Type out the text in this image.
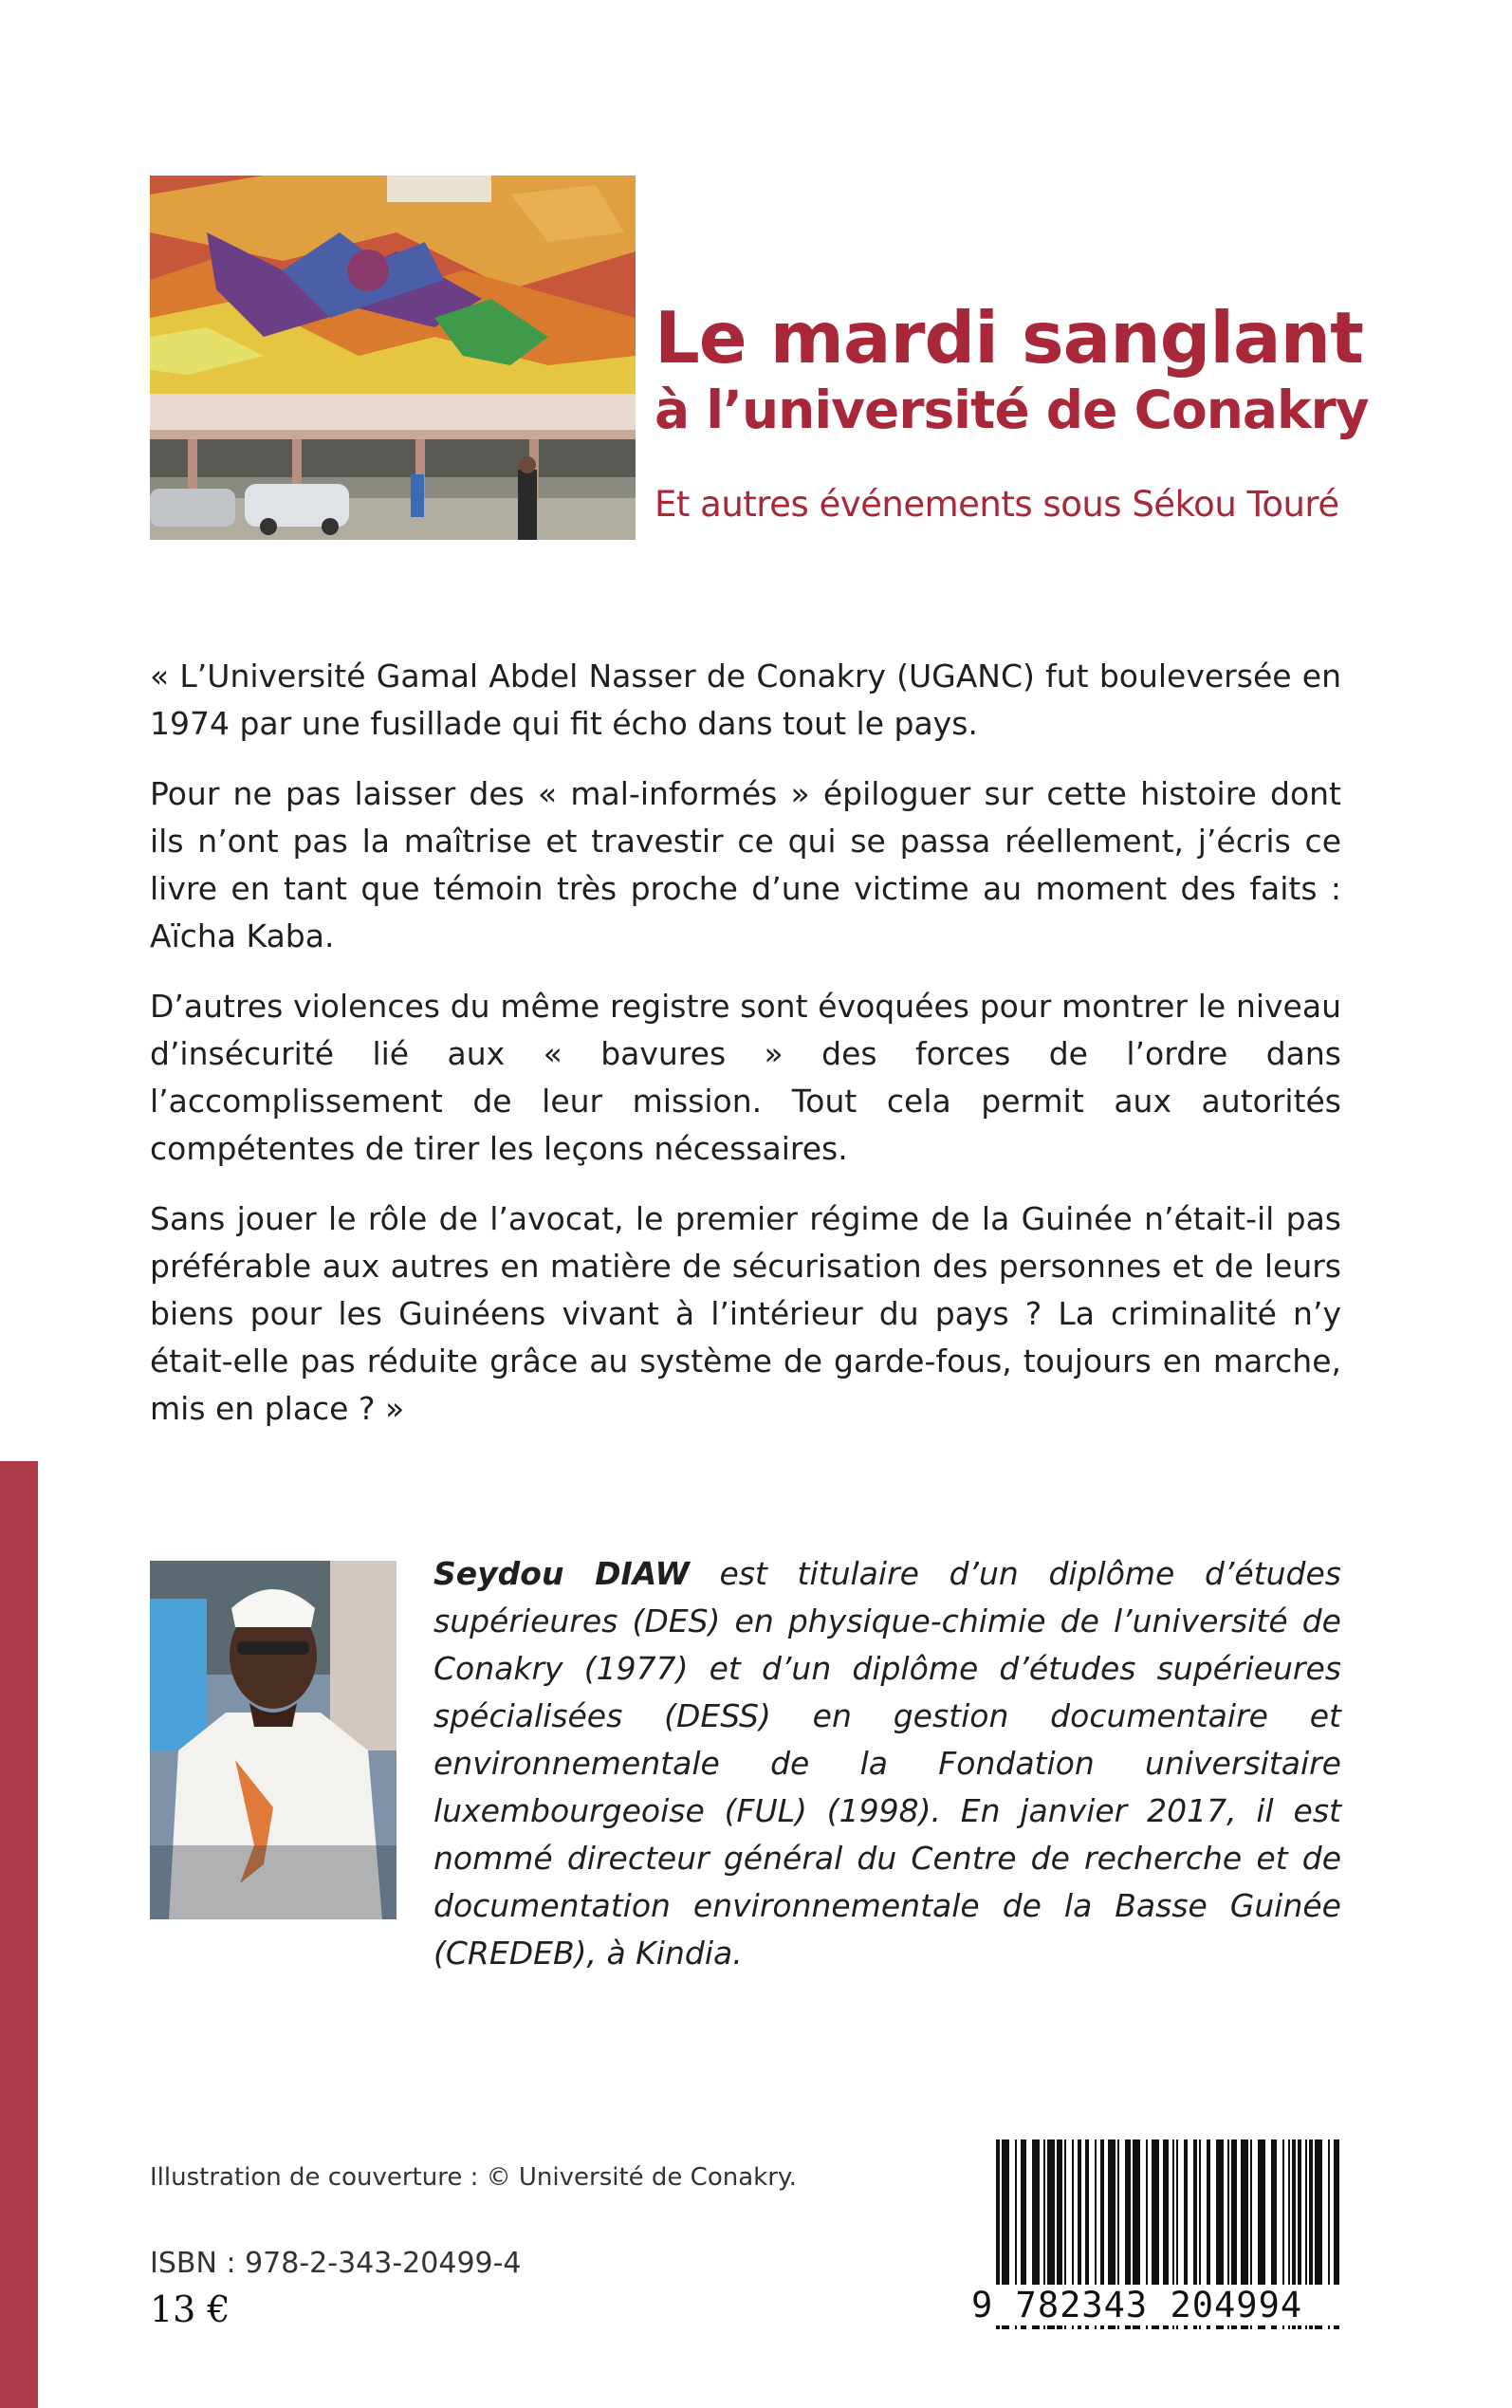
Le mardi sanglant
à l’université de Conakry
Et autres événements sous Sékou Touré

« L’Université Gamal Abdel Nasser de Conakry (UGANC) fut bouleversée en 1974 par une fusillade qui fit écho dans tout le pays.

Pour ne pas laisser des « mal-informés » épiloguer sur cette histoire dont ils n’ont pas la maîtrise et travestir ce qui se passa réellement, j’écris ce livre en tant que témoin très proche d’une victime au moment des faits : Aïcha Kaba.

D’autres violences du même registre sont évoquées pour montrer le niveau d’insécurité lié aux « bavures » des forces de l’ordre dans l’accomplissement de leur mission. Tout cela permit aux autorités compétentes de tirer les leçons nécessaires.

Sans jouer le rôle de l’avocat, le premier régime de la Guinée n’était-il pas préférable aux autres en matière de sécurisation des personnes et de leurs biens pour les Guinéens vivant à l’intérieur du pays ? La criminalité n’y était-elle pas réduite grâce au système de garde-fous, toujours en marche, mis en place ? »

Seydou DIAW est titulaire d’un diplôme d’études supérieures (DES) en physique-chimie de l’université de Conakry (1977) et d’un diplôme d’études supérieures spécialisées (DESS) en gestion documentaire et environnementale de la Fondation universitaire luxembourgeoise (FUL) (1998). En janvier 2017, il est nommé directeur général du Centre de recherche et de documentation environnementale de la Basse Guinée (CREDEB), à Kindia.
Illustration de couverture : © Université de Conakry.
ISBN : 978-2-343-20499-4
13 €	9 782343 204994
